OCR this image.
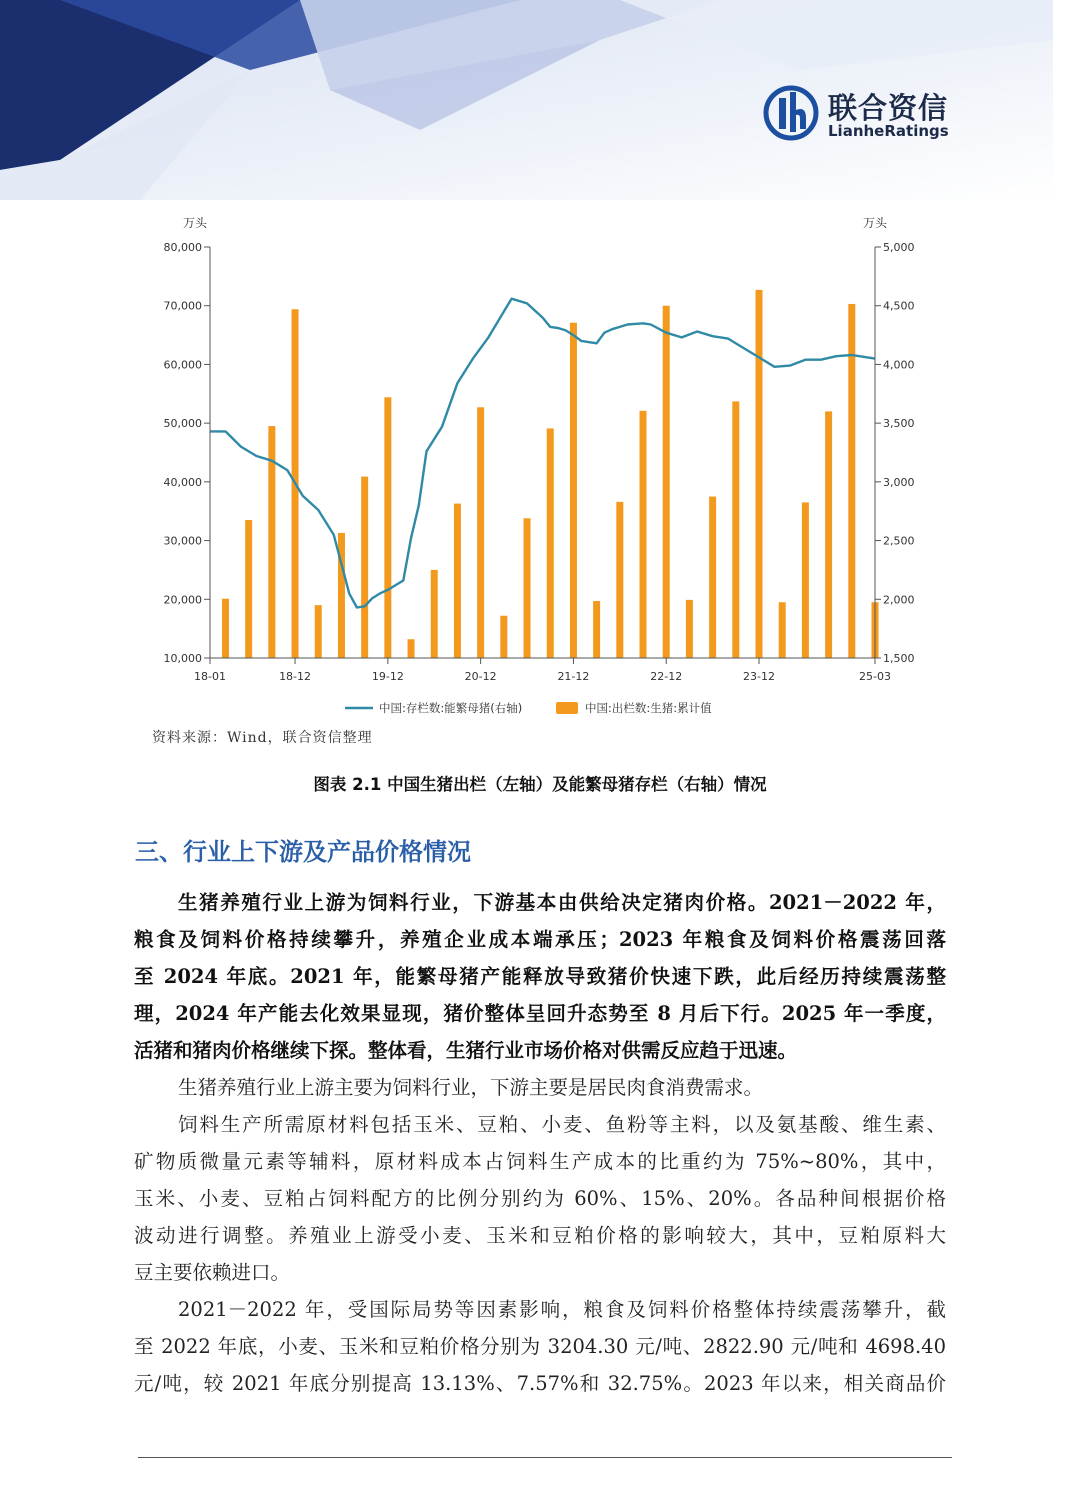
联合资信
LianheRatings
10,000
20,000
30,000
40,000
50,000
60,000
70,000
80,000
1,500
2,000
2,500
3,000
3,500
4,000
4,500
5,000
万头	万头
18-01	18-12	19-12	20-12	21-12	22-12	23-12	25-03
中国:存栏数:能繁母猪(右轴)	中国:出栏数:生猪:累计值
资料来源：Wind，联合资信整理
图表 2.1 中国生猪出栏（左轴）及能繁母猪存栏（右轴）情况
三、行业上下游及产品价格情况
生猪养殖行业上游为饲料行业，下游基本由供给决定猪肉价格。2021－2022 年，
粮食及饲料价格持续攀升，养殖企业成本端承压；2023 年粮食及饲料价格震荡回落
至 2024 年底。2021 年，能繁母猪产能释放导致猪价快速下跌，此后经历持续震荡整
理，2024 年产能去化效果显现，猪价整体呈回升态势至 8 月后下行。2025 年一季度，
活猪和猪肉价格继续下探。整体看，生猪行业市场价格对供需反应趋于迅速。
生猪养殖行业上游主要为饲料行业，下游主要是居民肉食消费需求。
饲料生产所需原材料包括玉米、豆粕、小麦、鱼粉等主料，以及氨基酸、维生素、
矿物质微量元素等辅料，原材料成本占饲料生产成本的比重约为 75%~80%，其中，
玉米、小麦、豆粕占饲料配方的比例分别约为 60%、15%、20%。各品种间根据价格
波动进行调整。养殖业上游受小麦、玉米和豆粕价格的影响较大，其中，豆粕原料大
豆主要依赖进口。
2021－2022 年，受国际局势等因素影响，粮食及饲料价格整体持续震荡攀升，截
至 2022 年底，小麦、玉米和豆粕价格分别为 3204.30 元/吨、2822.90 元/吨和 4698.40
元/吨，较 2021 年底分别提高 13.13%、7.57%和 32.75%。2023 年以来，相关商品价
